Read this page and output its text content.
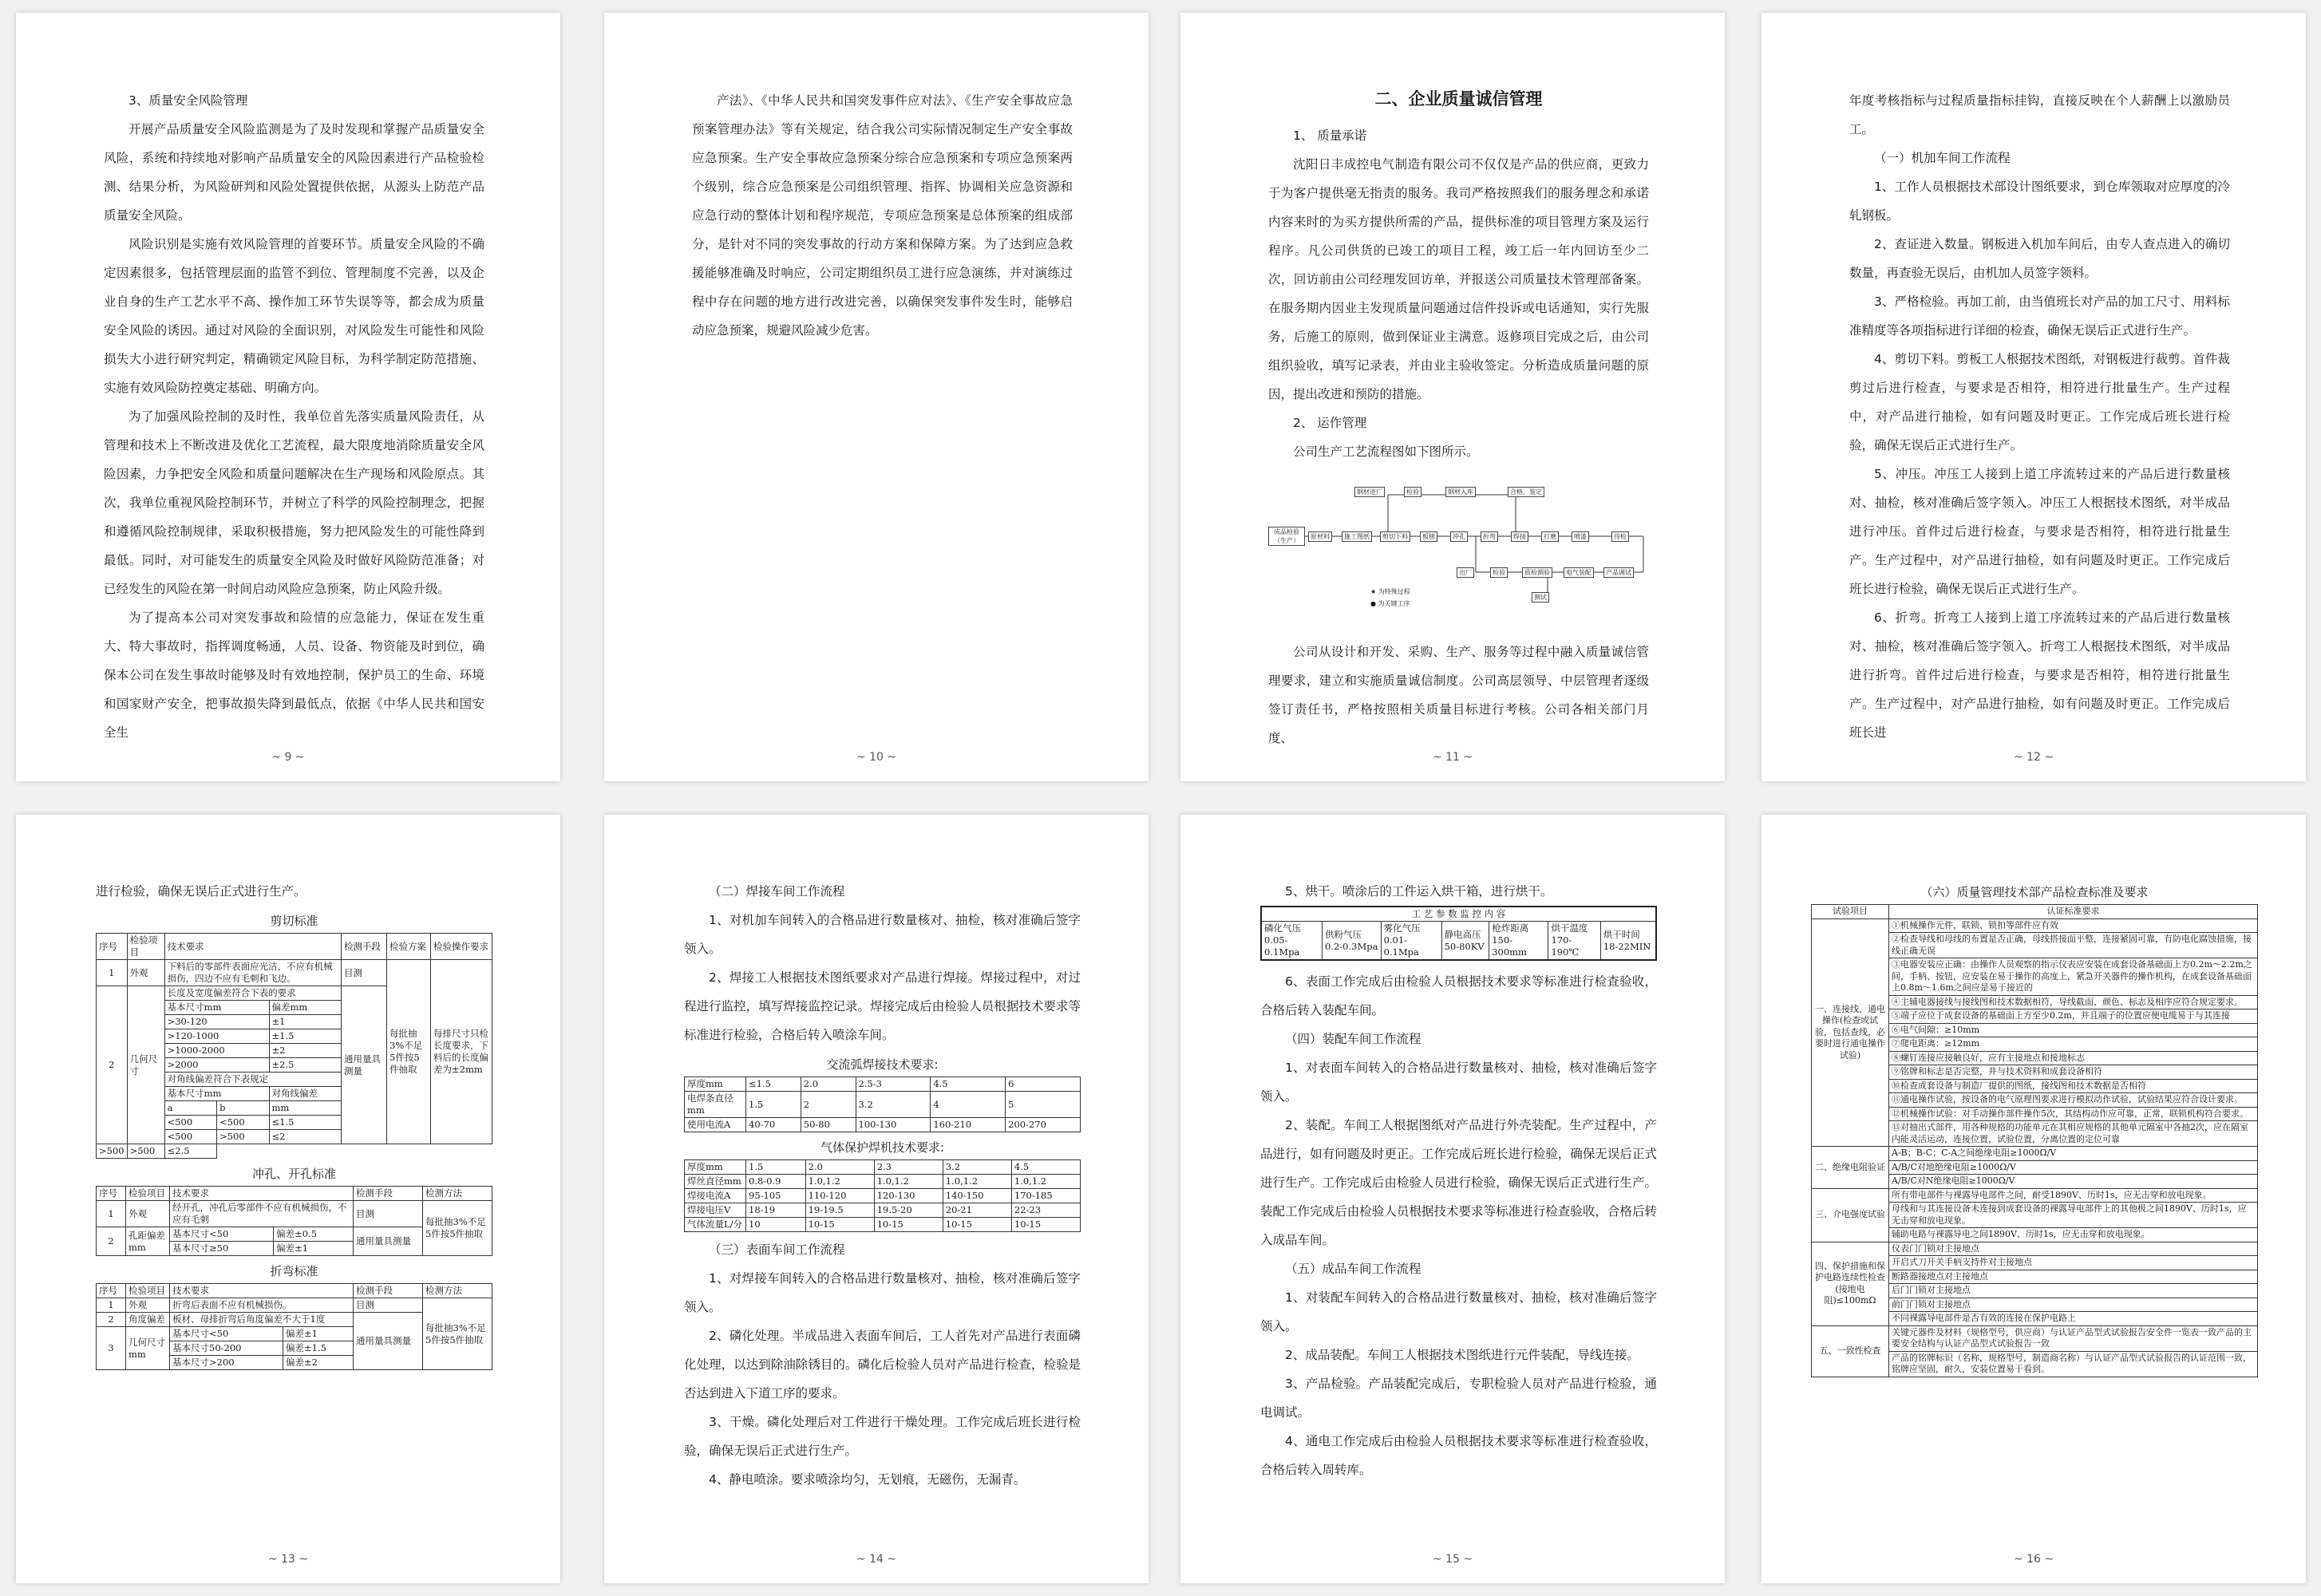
3、质量安全风险管理

开展产品质量安全风险监测是为了及时发现和掌握产品质量安全风险，系统和持续地对影响产品质量安全的风险因素进行产品检验检测、结果分析，为风险研判和风险处置提供依据，从源头上防范产品质量安全风险。

风险识别是实施有效风险管理的首要环节。质量安全风险的不确定因素很多，包括管理层面的监管不到位、管理制度不完善，以及企业自身的生产工艺水平不高、操作加工环节失误等等，都会成为质量安全风险的诱因。通过对风险的全面识别，对风险发生可能性和风险损失大小进行研究判定，精确锁定风险目标，为科学制定防范措施、实施有效风险防控奠定基础、明确方向。

为了加强风险控制的及时性，我单位首先落实质量风险责任，从管理和技术上不断改进及优化工艺流程，最大限度地消除质量安全风险因素，力争把安全风险和质量问题解决在生产现场和风险原点。其次，我单位重视风险控制环节，并树立了科学的风险控制理念，把握和遵循风险控制规律，采取积极措施，努力把风险发生的可能性降到最低。同时，对可能发生的质量安全风险及时做好风险防范准备；对已经发生的风险在第一时间启动风险应急预案，防止风险升级。

为了提高本公司对突发事故和险情的应急能力，保证在发生重大、特大事故时，指挥调度畅通，人员、设备、物资能及时到位，确保本公司在发生事故时能够及时有效地控制，保护员工的生命、环境和国家财产安全，把事故损失降到最低点，依据《中华人民共和国安全生

~ 9 ~

产法》、《中华人民共和国突发事件应对法》、《生产安全事故应急预案管理办法》等有关规定，结合我公司实际情况制定生产安全事故应急预案。生产安全事故应急预案分综合应急预案和专项应急预案两个级别，综合应急预案是公司组织管理、指挥、协调相关应急资源和应急行动的整体计划和程序规范，专项应急预案是总体预案的组成部分，是针对不同的突发事故的行动方案和保障方案。为了达到应急救援能够准确及时响应，公司定期组织员工进行应急演练，并对演练过程中存在问题的地方进行改进完善，以确保突发事件发生时，能够启动应急预案，规避风险减少危害。

~ 10 ~
二、企业质量诚信管理

1、 质量承诺

沈阳日丰成控电气制造有限公司不仅仅是产品的供应商，更致力于为客户提供毫无指责的服务。我司严格按照我们的服务理念和承诺内容来时的为买方提供所需的产品，提供标准的项目管理方案及运行程序。凡公司供货的已竣工的项目工程，竣工后一年内回访至少二次，回访前由公司经理发回访单，并报送公司质量技术管理部备案。在服务期内因业主发现质量问题通过信件投诉或电话通知，实行先服务，后施工的原则，做到保证业主满意。返修项目完成之后，由公司组织验收，填写记录表，并由业主验收签定。分析造成质量问题的原因，提出改进和预防的措施。

2、 运作管理

公司生产工艺流程图如下图所示。

钢材进厂	检验	钢材入库	合格、鉴定
成品检验（生产）
原材料	施工图纸	剪切下料	板刨	冲孔	折弯	焊接	打磨	喷漆	待检
出厂	检验	质检测验	电气装配	产品调试
测试
★ 为特殊过程
● 为关键工序

公司从设计和开发、采购、生产、服务等过程中融入质量诚信管理要求，建立和实施质量诚信制度。公司高层领导、中层管理者逐级签订责任书，严格按照相关质量目标进行考核。公司各相关部门月度、

~ 11 ~

年度考核指标与过程质量指标挂钩，直接反映在个人薪酬上以激励员工。

（一）机加车间工作流程

1、工作人员根据技术部设计图纸要求，到仓库领取对应厚度的冷轧钢板。

2、查证进入数量。钢板进入机加车间后，由专人查点进入的确切数量，再查验无误后，由机加人员签字领料。

3、严格检验。再加工前，由当值班长对产品的加工尺寸、用料标准精度等各项指标进行详细的检查，确保无误后正式进行生产。

4、剪切下料。剪板工人根据技术图纸，对钢板进行裁剪。首件裁剪过后进行检查，与要求是否相符，相符进行批量生产。生产过程中，对产品进行抽检，如有问题及时更正。工作完成后班长进行检验，确保无误后正式进行生产。

5、冲压。冲压工人接到上道工序流转过来的产品后进行数量核对、抽检，核对准确后签字领入。冲压工人根据技术图纸，对半成品进行冲压。首件过后进行检查，与要求是否相符，相符进行批量生产。生产过程中，对产品进行抽检，如有问题及时更正。工作完成后班长进行检验，确保无误后正式进行生产。

6、折弯。折弯工人接到上道工序流转过来的产品后进行数量核对、抽检，核对准确后签字领入。折弯工人根据技术图纸，对半成品进行折弯。首件过后进行检查，与要求是否相符，相符进行批量生产。生产过程中，对产品进行抽检，如有问题及时更正。工作完成后班长进

~ 12 ~

进行检验，确保无误后正式进行生产。

剪切标准
序号	检验项目	技术要求			检测手段	检验方案	检验操作要求
1	外观	下料后的零部件表面应光洁，不应有机械损伤，四边不应有毛刺和飞边。			目测	每批抽3%不足5件按5件抽取	每排尺寸只检长度要求，下料后的长度偏差为±2mm
2	几何尺寸	长度及宽度偏差符合下表的要求			通用量具测量		
		基本尺寸mm		偏差mm			
		>30-120		±1			
		>120-1000		±1.5			
		>1000-2000		±2			
		>2000		±2.5			
		对角线偏差符合下表规定					
		基本尺寸mm		对角线偏差			
		a	b	mm			
		<500	<500	≤1.5			
		<500	>500	≤2			
>500	>500	≤2.5					
冲孔、开孔标准
序号	检验项目	技术要求		检测手段	检测方法
1	外观	经开孔，冲孔后零部件不应有机械损伤，不应有毛刺		目测	每批抽3%不足5件按5件抽取
2	孔距偏差mm	基本尺寸<50	偏差±0.5	通用量具测量	
		基本尺寸≥50	偏差±1		
折弯标准
序号	检验项目	技术要求		检测手段	检测方法
1	外观	折弯后表面不应有机械损伤。		目测	每批抽3%不足5件按5件抽取
2	角度偏差	板材、母排折弯后角度偏差不大于1度		通用量具测量	
3	几何尺寸mm	基本尺寸<50	偏差±1		
		基本尺寸50-200	偏差±1.5		
		基本尺寸>200	偏差±2		
~ 13 ~

（二）焊接车间工作流程

1、对机加车间转入的合格品进行数量核对、抽检，核对准确后签字领入。

2、焊接工人根据技术图纸要求对产品进行焊接。焊接过程中，对过程进行监控，填写焊接监控记录。焊接完成后由检验人员根据技术要求等标准进行检验，合格后转入喷涂车间。

交流弧焊接技术要求:
厚度mm	≤1.5	2.0	2.5-3	4.5	6
电焊条直径mm	1.5	2	3.2	4	5
使用电流A	40-70	50-80	100-130	160-210	200-270
气体保护焊机技术要求:
厚度mm	1.5	2.0	2.3	3.2	4.5
焊丝直径mm	0.8-0.9	1.0,1.2	1.0,1.2	1.0,1.2	1.0,1.2
焊接电流A	95-105	110-120	120-130	140-150	170-185
焊接电压V	18-19	19-19.5	19.5-20	20-21	22-23
气体流量L/分	10	10-15	10-15	10-15	10-15

（三）表面车间工作流程

1、对焊接车间转入的合格品进行数量核对、抽检，核对准确后签字领入。

2、磷化处理。半成品进入表面车间后，工人首先对产品进行表面磷化处理，以达到除油除锈目的。磷化后检验人员对产品进行检查，检验是否达到进入下道工序的要求。

3、干燥。磷化处理后对工件进行干燥处理。工作完成后班长进行检验，确保无误后正式进行生产。

4、静电喷涂。要求喷涂均匀，无划痕，无磁伤，无漏青。

~ 14 ~

5、烘干。喷涂后的工件运入烘干箱，进行烘干。

工 艺 参 数 监 控 内 容
磷化气压0.05-0.1Mpa	供粉气压0.2-0.3Mpa	雾化气压0.01-0.1Mpa	静电高压50-80KV	枪炸距离150-300mm	烘干温度170-190℃	烘干时间18-22MIN

6、表面工作完成后由检验人员根据技术要求等标准进行检查验收，合格后转入装配车间。

（四）装配车间工作流程

1、对表面车间转入的合格品进行数量核对、抽检，核对准确后签字领入。

2、装配。车间工人根据图纸对产品进行外壳装配。生产过程中，产品进行，如有问题及时更正。工作完成后班长进行检验，确保无误后正式进行生产。工作完成后由检验人员进行检验，确保无误后正式进行生产。装配工作完成后由检验人员根据技术要求等标准进行检查验收，合格后转入成品车间。

（五）成品车间工作流程

1、对装配车间转入的合格品进行数量核对、抽检，核对准确后签字领入。

2、成品装配。车间工人根据技术图纸进行元件装配，导线连接。

3、产品检验。产品装配完成后，专职检验人员对产品进行检验，通电调试。

4、通电工作完成后由检验人员根据技术要求等标准进行检查验收，合格后转入周转库。

~ 15 ~
（六）质量管理技术部产品检查标准及要求
试验项目	认证标准要求
一、连接线、通电操作(检查或试验，包括查线，必要时进行通电操作试验)	①机械操作元件，联锁、锁扣等部件应有效
	②检查导线和母线的布置是否正确，母线搭接面平整，连接紧固可靠，有防电化腐蚀措施，接线正确无误
	③电器安装应正确：由操作人员观察的指示仪表应安装在成套设备基础面上方0.2m～2.2m之间，手柄、按钮，应安装在易于操作的高度上，紧急开关器件的操作机构，在成套设备基础面上0.8m～1.6m之间应是易于接近的
	④主辅电器接线与接线图和技术数据相符，导线截面、颜色、标志及相序应符合规定要求。
	⑤端子应位于成套设备的基础面上方至少0.2m，并且端子的位置应便电缆易于与其连接
	⑥电气间隙：≥10mm
	⑦爬电距离：≥12mm
	⑧螺钉连接应接触良好，应有主接地点和接地标志
	⑨铭牌和标志是否完整，并与技术资料和成套设备相符
	⑩检查成套设备与制造厂提供的图纸，接线图和技术数据是否相符
	⑪通电操作试验，按设备的电气原理图要求进行模拟动作试验，试验结果应符合设计要求。
	⑫机械操作试验：对手动操作部件操作5次，其结构动作应可靠，正常，联锁机构符合要求。
	⑬对抽出式部件，用各种规格的功能单元在其相应规格的其他单元隔室中各抽2次，应在隔室内能灵活运动，连接位置，试验位置，分离位置的定位可靠
二、绝缘电阻验证	A-B；B-C；C-A之间绝缘电阻≥1000Ω/V
	A/B/C对地绝缘电阻≥1000Ω/V
	A/B/C对N绝缘电阻≥1000Ω/V
三、介电强度试验	所有带电部件与裸露导电部件之间，耐受1890V、历时1s，应无击穿和放电现象。
	母线和与其连接设备未连接到成套设备的裸露导电部件上的其他极之间1890V、历时1s，应无击穿和放电现象。
	辅助电路与裸露导电之间1890V、历时1s，应无击穿和放电现象。
四、保护措施和保护电路连续性检查(接地电阻)≤100mΩ	仪表门门锁对主接地点
	开启式刀开关手柄支持件对主接地点
	断路器接地点对主接地点
	后门门锁对主接地点
	前门门锁对主接地点
	不同裸露导电部件是否有效的连接在保护电路上
五、一致性检查	关键元器件及材料（规格型号，供应商）与认证产品型式试验报告安全件一览表一致产品的主要安全结构与认证产品型式试验报告一致
	产品的铭牌标识（名称，规格型号，制造商名称）与认证产品型式试验报告的认证范围一致，铭牌应坚固，耐久，安装位置易于看到。
~ 16 ~
